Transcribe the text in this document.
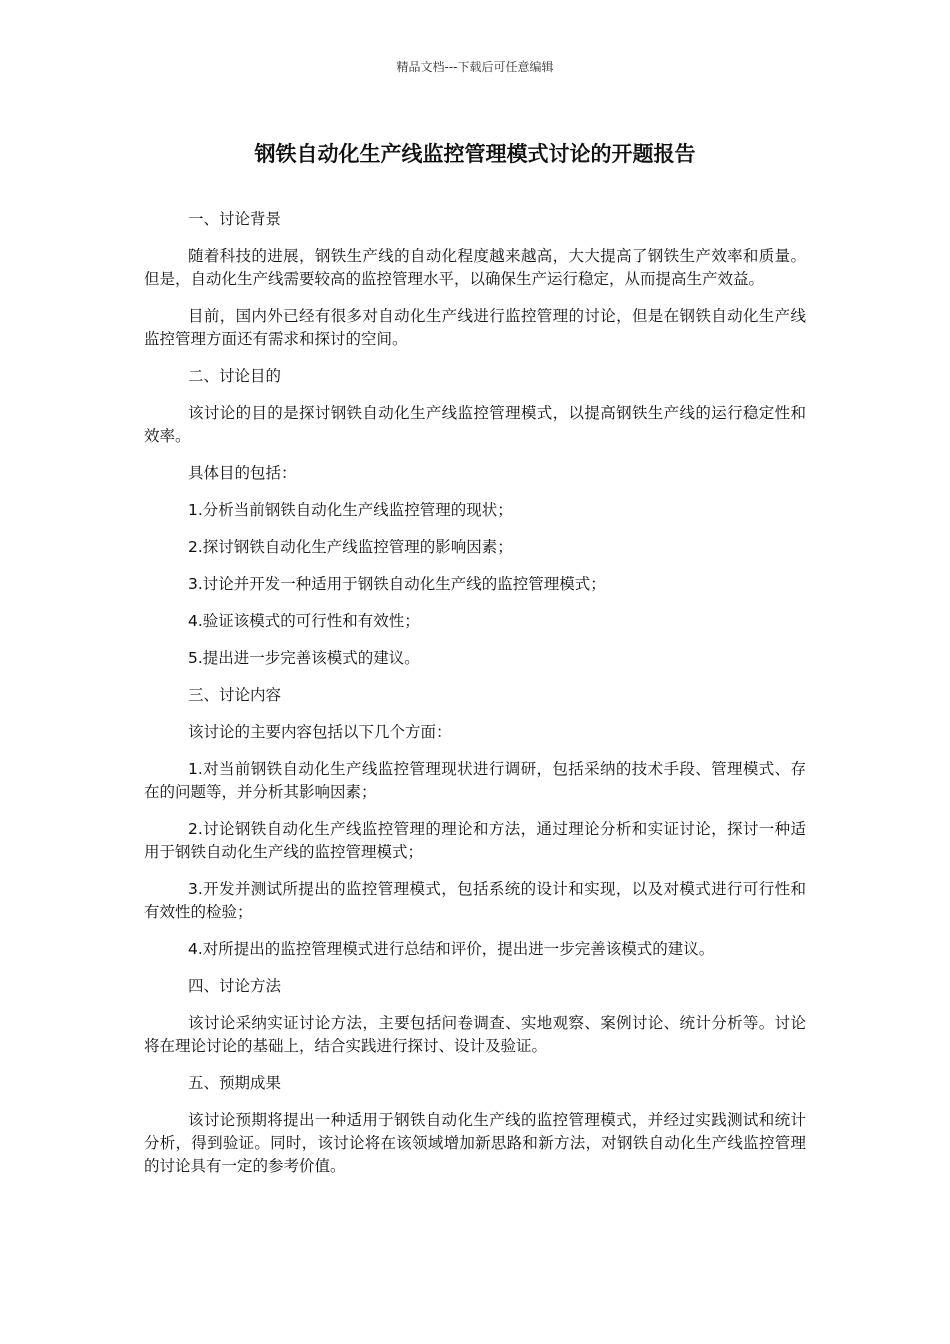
精品文档---下载后可任意编辑
钢铁自动化生产线监控管理模式讨论的开题报告

一、讨论背景

随着科技的进展，钢铁生产线的自动化程度越来越高，大大提高了钢铁生产效率和质量。但是，自动化生产线需要较高的监控管理水平，以确保生产运行稳定，从而提高生产效益。

目前，国内外已经有很多对自动化生产线进行监控管理的讨论，但是在钢铁自动化生产线监控管理方面还有需求和探讨的空间。

二、讨论目的

该讨论的目的是探讨钢铁自动化生产线监控管理模式，以提高钢铁生产线的运行稳定性和效率。

具体目的包括：

1.分析当前钢铁自动化生产线监控管理的现状；

2.探讨钢铁自动化生产线监控管理的影响因素；

3.讨论并开发一种适用于钢铁自动化生产线的监控管理模式；

4.验证该模式的可行性和有效性；

5.提出进一步完善该模式的建议。

三、讨论内容

该讨论的主要内容包括以下几个方面：

1.对当前钢铁自动化生产线监控管理现状进行调研，包括采纳的技术手段、管理模式、存在的问题等，并分析其影响因素；

2.讨论钢铁自动化生产线监控管理的理论和方法，通过理论分析和实证讨论，探讨一种适用于钢铁自动化生产线的监控管理模式；

3.开发并测试所提出的监控管理模式，包括系统的设计和实现，以及对模式进行可行性和有效性的检验；

4.对所提出的监控管理模式进行总结和评价，提出进一步完善该模式的建议。

四、讨论方法

该讨论采纳实证讨论方法，主要包括问卷调查、实地观察、案例讨论、统计分析等。讨论将在理论讨论的基础上，结合实践进行探讨、设计及验证。

五、预期成果

该讨论预期将提出一种适用于钢铁自动化生产线的监控管理模式，并经过实践测试和统计分析，得到验证。同时，该讨论将在该领域增加新思路和新方法，对钢铁自动化生产线监控管理的讨论具有一定的参考价值。
